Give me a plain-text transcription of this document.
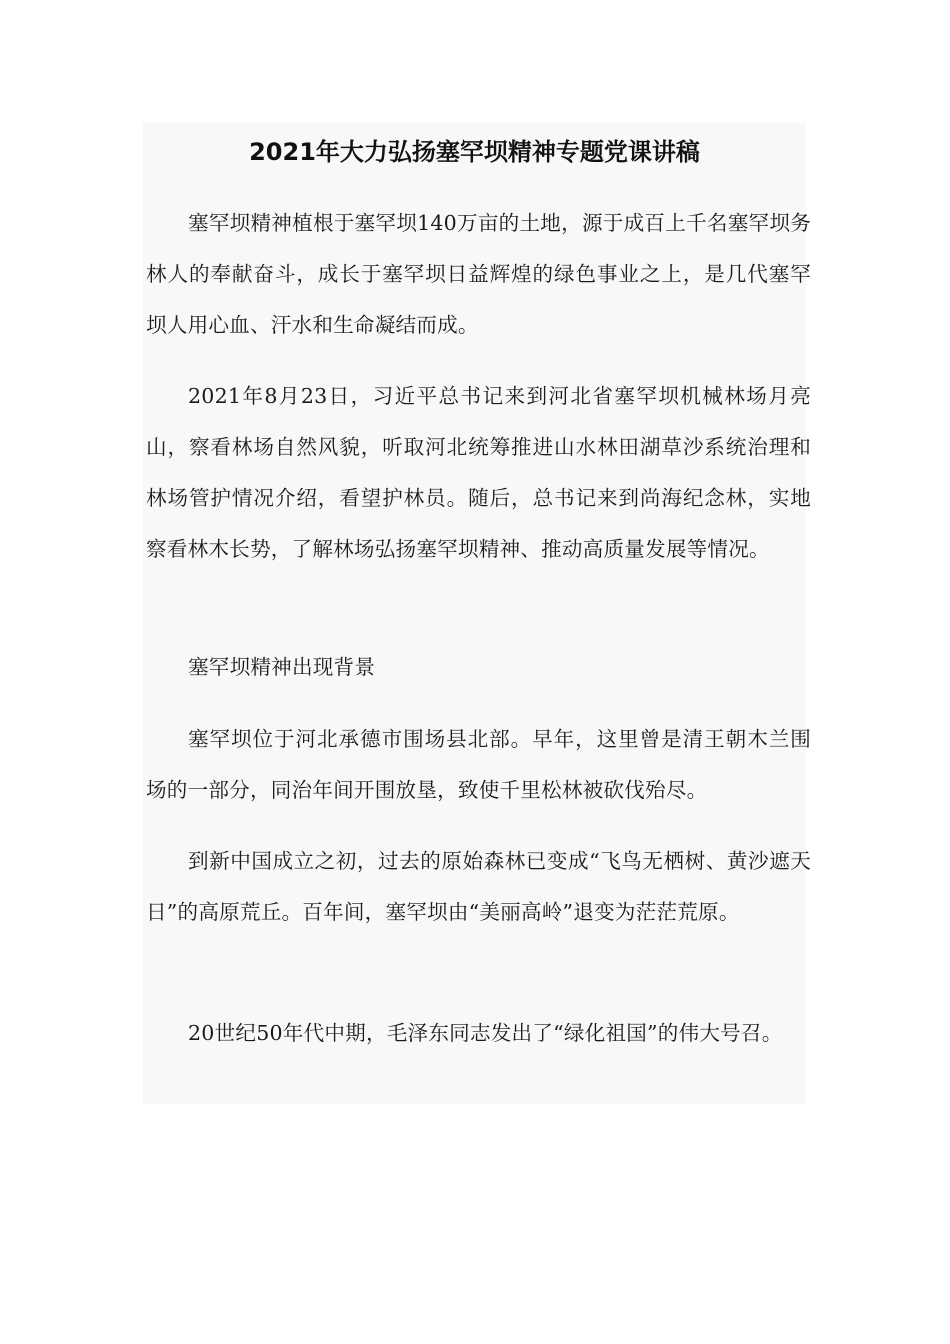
2021年大力弘扬塞罕坝精神专题党课讲稿

塞罕坝精神植根于塞罕坝140万亩的土地，源于成百上千名塞罕坝务林人的奉献奋斗，成长于塞罕坝日益辉煌的绿色事业之上，是几代塞罕坝人用心血、汗水和生命凝结而成。

2021年8月23日，习近平总书记来到河北省塞罕坝机械林场月亮山，察看林场自然风貌，听取河北统筹推进山水林田湖草沙系统治理和林场管护情况介绍，看望护林员。随后，总书记来到尚海纪念林，实地察看林木长势，了解林场弘扬塞罕坝精神、推动高质量发展等情况。

塞罕坝精神出现背景

塞罕坝位于河北承德市围场县北部。早年，这里曾是清王朝木兰围场的一部分，同治年间开围放垦，致使千里松林被砍伐殆尽。

到新中国成立之初，过去的原始森林已变成“飞鸟无栖树、黄沙遮天日”的高原荒丘。百年间，塞罕坝由“美丽高岭”退变为茫茫荒原。

20世纪50年代中期，毛泽东同志发出了“绿化祖国”的伟大号召。
